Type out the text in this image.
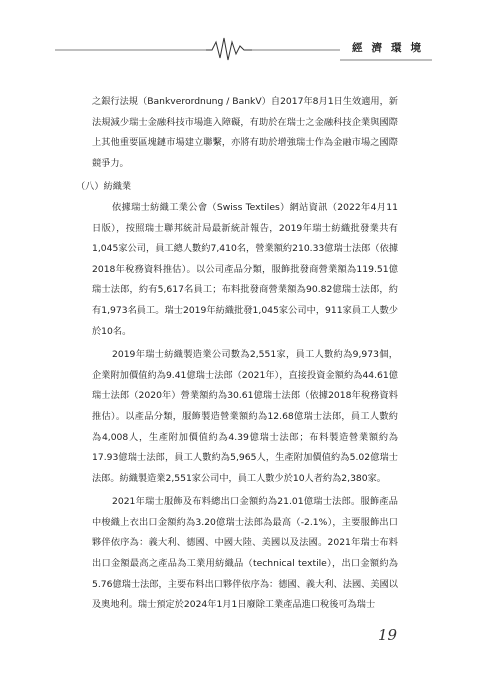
經濟環境

之銀行法規（Bankverordnung / BankV）自2017年8月1日生效適用，新法規減少瑞士金融科技市場進入障礙，有助於在瑞士之金融科技企業與國際上其他重要區塊鏈市場建立聯繫，亦將有助於增強瑞士作為金融市場之國際競爭力。

（八）紡織業

依據瑞士紡織工業公會（Swiss Textiles）網站資訊（2022年4月11日版），按照瑞士聯邦統計局最新統計報告，2019年瑞士紡織批發業共有1,045家公司，員工總人數約7,410名，營業額約210.33億瑞士法郎（依據2018年稅務資料推估）。以公司產品分類，服飾批發商營業額為119.51億瑞士法郎，約有5,617名員工；布料批發商營業額為90.82億瑞士法郎，約有1,973名員工。瑞士2019年紡織批發1,045家公司中，911家員工人數少於10名。

2019年瑞士紡織製造業公司數為2,551家，員工人數約為9,973個，企業附加價值約為9.41億瑞士法郎（2021年），直接投資金額約為44.61億瑞士法郎（2020年）營業額約為30.61億瑞士法郎（依據2018年稅務資料推估）。以產品分類，服飾製造營業額約為12.68億瑞士法郎，員工人數約為4,008人，生產附加價值約為4.39億瑞士法郎；布料製造營業額約為17.93億瑞士法郎，員工人數約為5,965人，生產附加價值約為5.02億瑞士法郎。紡織製造業2,551家公司中，員工人數少於10人者約為2,380家。

2021年瑞士服飾及布料總出口金額約為21.01億瑞士法郎。服飾產品中梭織上衣出口金額約為3.20億瑞士法郎為最高（-2.1%），主要服飾出口夥伴依序為：義大利、德國、中國大陸、美國以及法國。2021年瑞士布料出口金額最高之產品為工業用紡織品（technical textile），出口金額約為5.76億瑞士法郎，主要布料出口夥伴依序為：德國、義大利、法國、美國以及奧地利。瑞士預定於2024年1月1日廢除工業產品進口稅後可為瑞士

19
